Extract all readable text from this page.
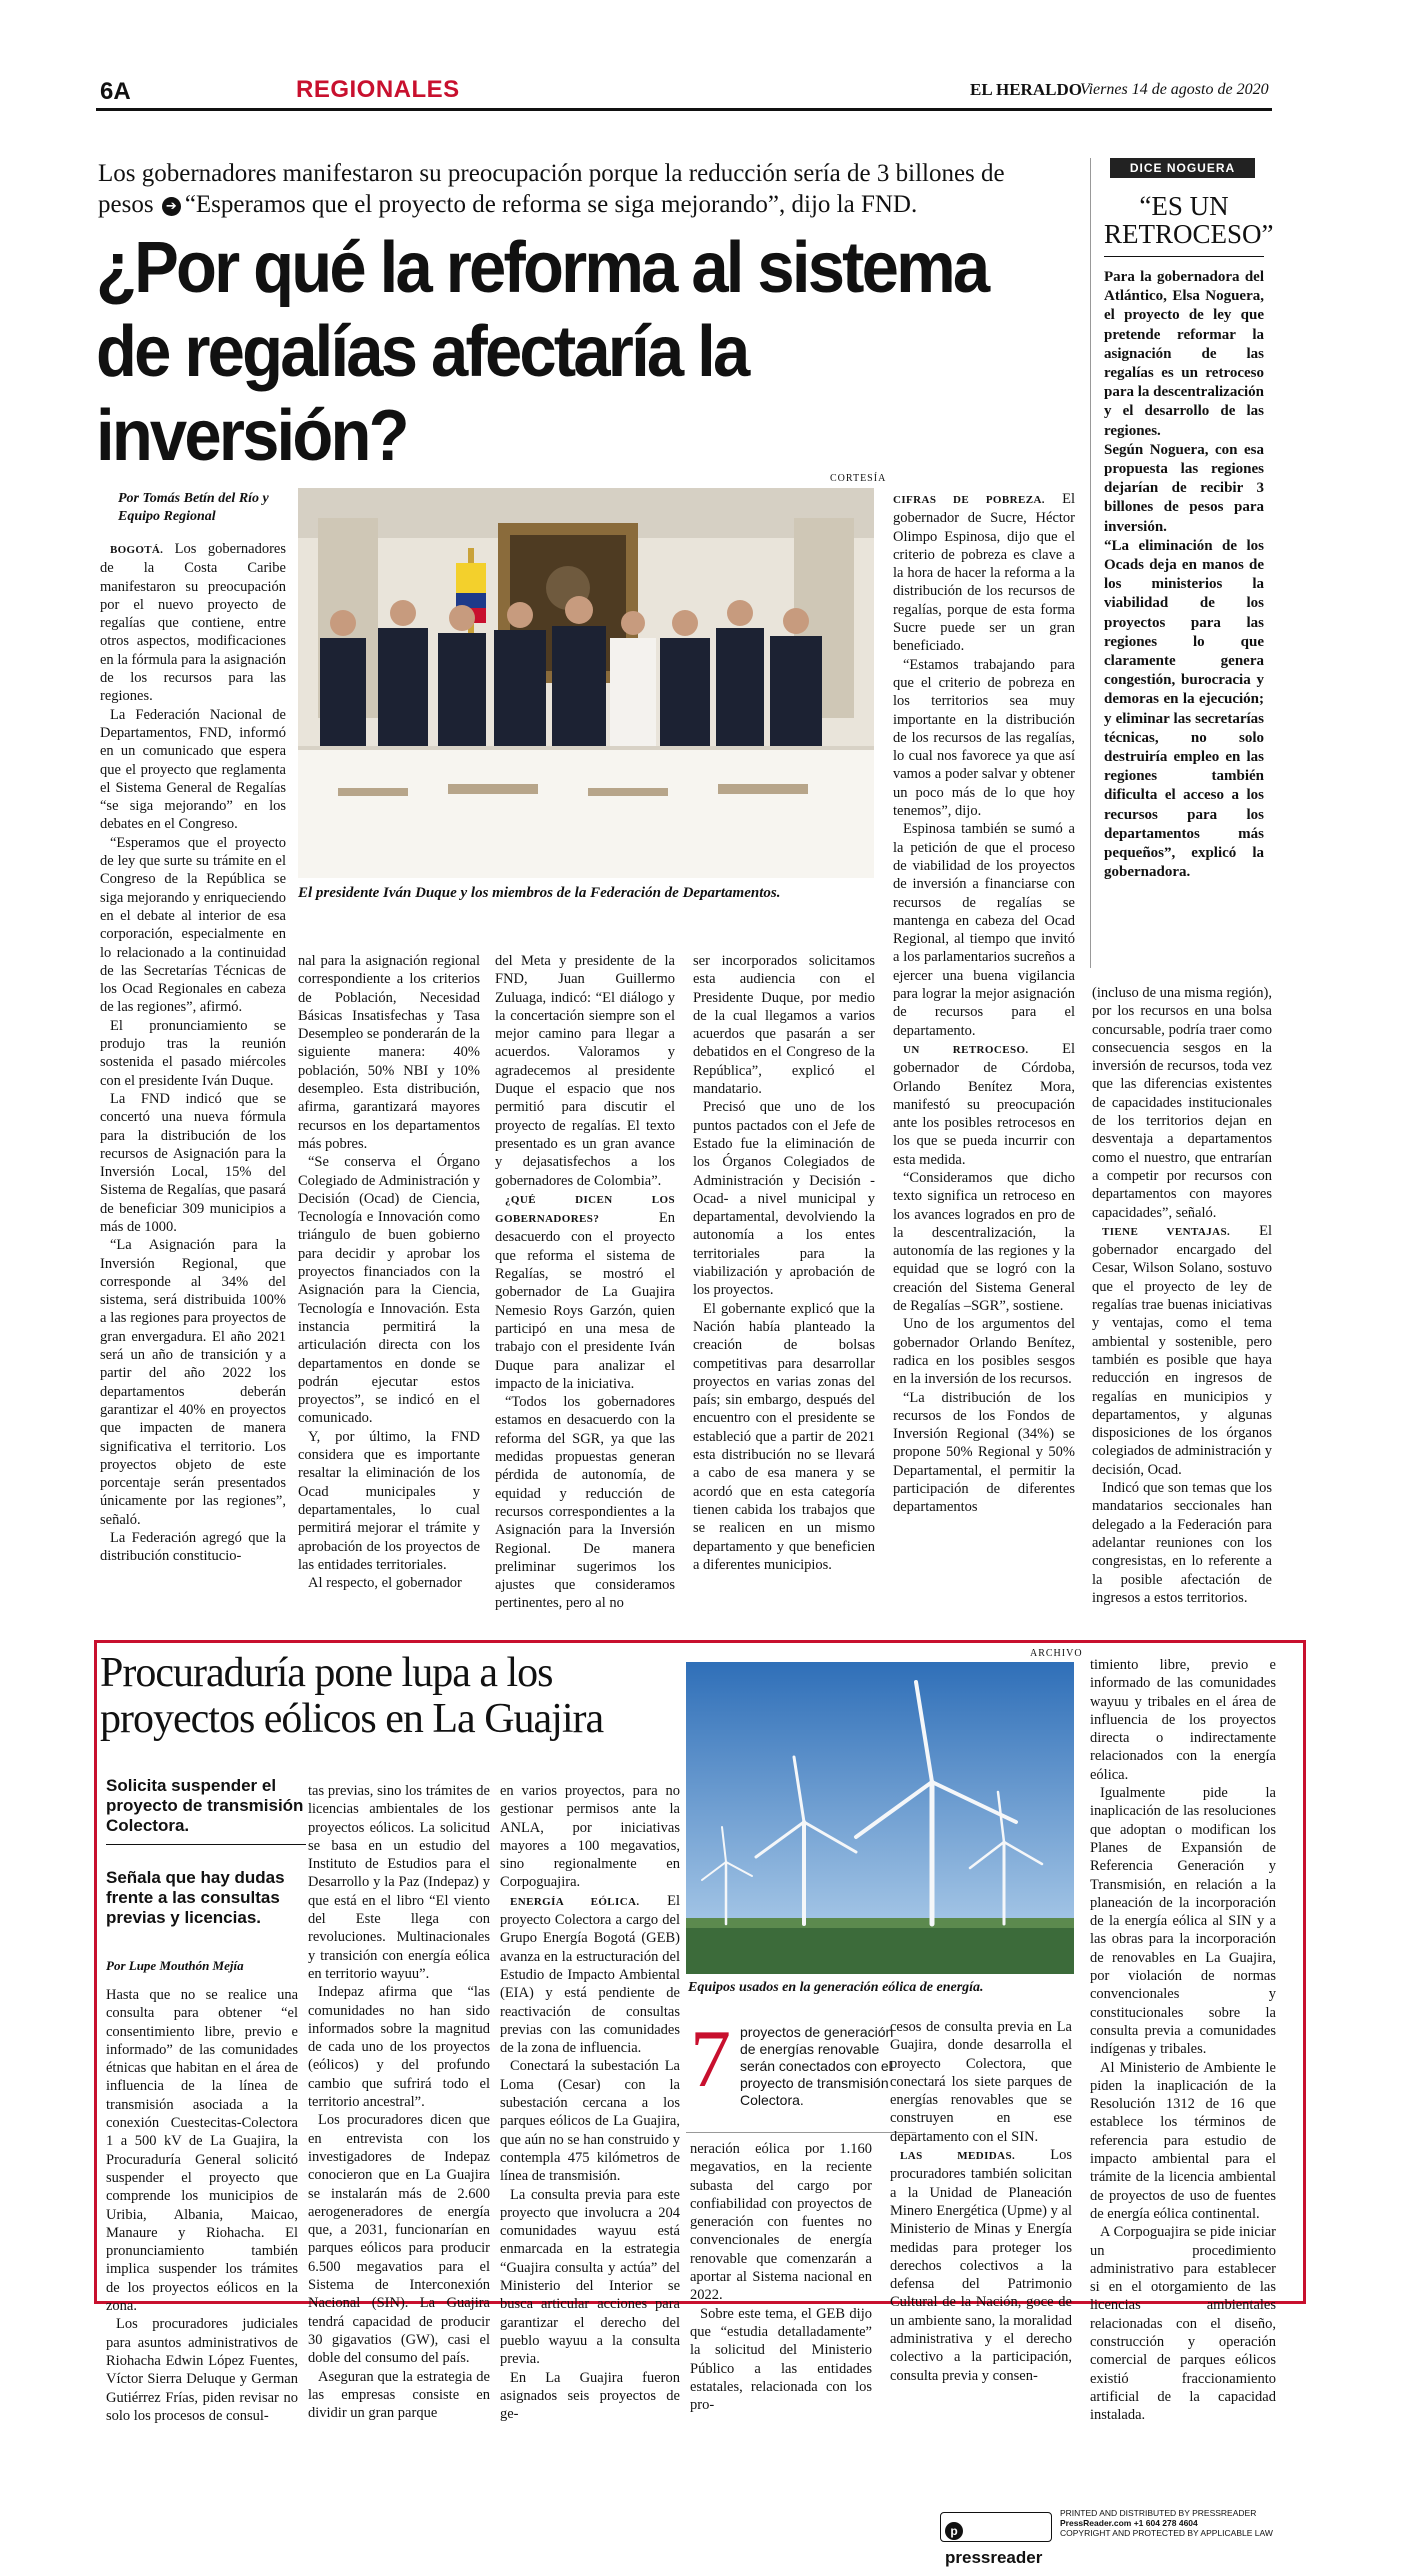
6A	REGIONALES	EL HERALDO
Viernes 14 de agosto de 2020
Los gobernadores manifestaron su preocupación porque la reducción sería de 3 billones de pesos ➔ “Esperamos que el proyecto de reforma se siga mejorando”, dijo la FND.
¿Por qué la reforma al sistema de regalías afectaría la inversión?
Por Tomás Betín del Río y Equipo Regional
CORTESÍA
El presidente Iván Duque y los miembros de la Federación de Departamentos.

BOGOTÁ. Los gobernadores de la Costa Caribe manifestaron su preocupación por el nuevo proyecto de regalías que contiene, entre otros aspectos, modificaciones en la fórmula para la asignación de los recursos para las regiones.

La Federación Nacional de Departamentos, FND, informó en un comunicado que espera que el proyecto que reglamenta el Sistema General de Regalías “se siga mejorando” en los debates en el Congreso.

“Esperamos que el proyecto de ley que surte su trámite en el Congreso de la República se siga mejorando y enriqueciendo en el debate al interior de esa corporación, especialmente en lo relacionado a la continuidad de las Secretarías Técnicas de los Ocad Regionales en cabeza de las regiones”, afirmó.

El pronunciamiento se produjo tras la reunión sostenida el pasado miércoles con el presidente Iván Duque.

La FND indicó que se concertó una nueva fórmula para la distribución de los recursos de Asignación para la Inversión Local, 15% del Sistema de Regalías, que pasará de beneficiar 309 municipios a más de 1000.

“La Asignación para la Inversión Regional, que corresponde al 34% del sistema, será distribuida 100% a las regiones para proyectos de gran envergadura. El año 2021 será un año de transición y a partir del año 2022 los departamentos deberán garantizar el 40% en proyectos que impacten de manera significativa el territorio. Los proyectos objeto de este porcentaje serán presentados únicamente por las regiones”, señaló.

La Federación agregó que la distribución constitucio-

nal para la asignación regional correspondiente a los criterios de Población, Necesidad Básicas Insatisfechas y Tasa Desempleo se ponderarán de la siguiente manera: 40% población, 50% NBI y 10% desempleo. Esta distribución, afirma, garantizará mayores recursos en los departamentos más pobres.

“Se conserva el Órgano Colegiado de Administración y Decisión (Ocad) de Ciencia, Tecnología e Innovación como triángulo de buen gobierno para decidir y aprobar los proyectos financiados con la Asignación para la Ciencia, Tecnología e Innovación. Esta instancia permitirá la articulación directa con los departamentos en donde se podrán ejecutar estos proyectos”, se indicó en el comunicado.

Y, por último, la FND considera que es importante resaltar la eliminación de los Ocad municipales y departamentales, lo cual permitirá mejorar el trámite y aprobación de los proyectos de las entidades territoriales.

Al respecto, el gobernador

del Meta y presidente de la FND, Juan Guillermo Zuluaga, indicó: “El diálogo y la concertación siempre son el mejor camino para llegar a acuerdos. Valoramos y agradecemos al presidente Duque el espacio que nos permitió para discutir el proyecto de regalías. El texto presentado es un gran avance y dejasatisfechos a los gobernadores de Colombia”.

¿QUÉ DICEN LOS GOBERNADORES? En desacuerdo con el proyecto que reforma el sistema de Regalías, se mostró el gobernador de La Guajira Nemesio Roys Garzón, quien participó en una mesa de trabajo con el presidente Iván Duque para analizar el impacto de la iniciativa.

“Todos los gobernadores estamos en desacuerdo con la reforma del SGR, ya que las medidas propuestas generan pérdida de autonomía, de equidad y reducción de recursos correspondientes a la Asignación para la Inversión Regional. De manera preliminar sugerimos los ajustes que consideramos pertinentes, pero al no

ser incorporados solicitamos esta audiencia con el Presidente Duque, por medio de la cual llegamos a varios acuerdos que pasarán a ser debatidos en el Congreso de la República”, explicó el mandatario.

Precisó que uno de los puntos pactados con el Jefe de Estado fue la eliminación de los Órganos Colegiados de Administración y Decisión - Ocad- a nivel municipal y departamental, devolviendo la autonomía a los entes territoriales para la viabilización y aprobación de los proyectos.

El gobernante explicó que la Nación había planteado la creación de bolsas competitivas para desarrollar proyectos en varias zonas del país; sin embargo, después del encuentro con el presidente se estableció que a partir de 2021 esta distribución no se llevará a cabo de esa manera y se acordó que en esta categoría tienen cabida los trabajos que se realicen en un mismo departamento y que beneficien a diferentes municipios.

CIFRAS DE POBREZA. El gobernador de Sucre, Héctor Olimpo Espinosa, dijo que el criterio de pobreza es clave a la hora de hacer la reforma a la distribución de los recursos de regalías, porque de esta forma Sucre puede ser un gran beneficiado.

“Estamos trabajando para que el criterio de pobreza en los territorios sea muy importante en la distribución de los recursos de las regalías, lo cual nos favorece ya que así vamos a poder salvar y obtener un poco más de lo que hoy tenemos”, dijo.

Espinosa también se sumó a la petición de que el proceso de viabilidad de los proyectos de inversión a financiarse con recursos de regalías se mantenga en cabeza del Ocad Regional, al tiempo que invitó a los parlamentarios sucreños a ejercer una buena vigilancia para lograr la mejor asignación de recursos para el departamento.

UN RETROCESO. El gobernador de Córdoba, Orlando Benítez Mora, manifestó su preocupación ante los posibles retrocesos en los que se pueda incurrir con esta medida.

“Consideramos que dicho texto significa un retroceso en los avances logrados en pro de la descentralización, la autonomía de las regiones y la equidad que se logró con la creación del Sistema General de Regalías –SGR”, sostiene.

Uno de los argumentos del gobernador Orlando Benítez, radica en los posibles sesgos en la inversión de los recursos.

“La distribución de los recursos de los Fondos de Inversión Regional (34%) se propone 50% Regional y 50% Departamental, el permitir la participación de diferentes departamentos

(incluso de una misma región), por los recursos en una bolsa concursable, podría traer como consecuencia sesgos en la inversión de recursos, toda vez que las diferencias existentes de capacidades institucionales de los territorios dejan en desventaja a departamentos como el nuestro, que entrarían a competir por recursos con departamentos con mayores capacidades”, señaló.

TIENE VENTAJAS. El gobernador encargado del Cesar, Wilson Solano, sostuvo que el proyecto de ley de regalías trae buenas iniciativas y ventajas, como el tema ambiental y sostenible, pero también es posible que haya reducción en ingresos de regalías en municipios y departamentos, y algunas disposiciones de los órganos colegiados de administración y decisión, Ocad.

Indicó que son temas que los mandatarios seccionales han delegado a la Federación para adelantar reuniones con los congresistas, en lo referente a la posible afectación de ingresos a estos territorios.

DICE NOGUERA
“ES UN RETROCESO”
Para la gobernadora del Atlántico, Elsa Noguera, el proyecto de ley que pretende reformar la asignación de las regalías es un retroceso para la descentralización y el desarrollo de las regiones.
Según Noguera, con esa propuesta las regiones dejarían de recibir 3 billones de pesos para inversión.
“La eliminación de los Ocads deja en manos de los ministerios la viabilidad de los proyectos para las regiones lo que claramente genera congestión, burocracia y demoras en la ejecución; y eliminar las secretarías técnicas, no solo destruiría empleo en las regiones también dificulta el acceso a los recursos para los departamentos más pequeños”, explicó la gobernadora.
Procuraduría pone lupa a los proyectos eólicos en La Guajira
Solicita suspender el proyecto de transmisión Colectora.
Señala que hay dudas frente a las consultas previas y licencias.
Por Lupe Mouthón Mejía
ARCHIVO
Equipos usados en la generación eólica de energía.
7 proyectos de generación de energías renovable serán conectados con el proyecto de transmisión Colectora.

Hasta que no se realice una consulta para obtener “el consentimiento libre, previo e informado” de las comunidades étnicas que habitan en el área de influencia de la línea de transmisión asociada a la conexión Cuestecitas-Colectora 1 a 500 kV de La Guajira, la Procuraduría General solicitó suspender el proyecto que comprende los municipios de Uribia, Albania, Maicao, Manaure y Riohacha. El pronunciamiento también implica suspender los trámites de los proyectos eólicos en la zona.

Los procuradores judiciales para asuntos administrativos de Riohacha Edwin López Fuentes, Víctor Sierra Deluque y German Gutiérrez Frías, piden revisar no solo los procesos de consul-

tas previas, sino los trámites de licencias ambientales de los proyectos eólicos. La solicitud se basa en un estudio del Instituto de Estudios para el Desarrollo y la Paz (Indepaz) y que está en el libro “El viento del Este llega con revoluciones. Multinacionales y transición con energía eólica en territorio wayuu”.

Indepaz afirma que “las comunidades no han sido informados sobre la magnitud de cada uno de los proyectos (eólicos) y del profundo cambio que sufrirá todo el territorio ancestral”.

Los procuradores dicen que en entrevista con los investigadores de Indepaz conocieron que en La Guajira se instalarán más de 2.600 aerogeneradores de energía que, a 2031, funcionarían en parques eólicos para producir 6.500 megavatios para el Sistema de Interconexión Nacional (SIN). La Guajira tendrá capacidad de producir 30 gigavatios (GW), casi el doble del consumo del país.

Aseguran que la estrategia de las empresas consiste en dividir un gran parque

en varios proyectos, para no gestionar permisos ante la ANLA, por iniciativas mayores a 100 megavatios, sino regionalmente en Corpoguajira.

ENERGÍA EÓLICA. El proyecto Colectora a cargo del Grupo Energía Bogotá (GEB) avanza en la estructuración del Estudio de Impacto Ambiental (EIA) y está pendiente de reactivación de consultas previas con las comunidades de la zona de influencia.

Conectará la subestación La Loma (Cesar) con la subestación cercana a los parques eólicos de La Guajira, que aún no se han construido y contempla 475 kilómetros de línea de transmisión.

La consulta previa para este proyecto que involucra a 204 comunidades wayuu está enmarcada en la estrategia “Guajira consulta y actúa” del Ministerio del Interior se busca articular acciones para garantizar el derecho del pueblo wayuu a la consulta previa.

En La Guajira fueron asignados seis proyectos de ge-

neración eólica por 1.160 megavatios, en la reciente subasta del cargo por confiabilidad con proyectos de generación con fuentes no convencionales de energía renovable que comenzarán a aportar al Sistema nacional en 2022.

Sobre este tema, el GEB dijo que “estudia detalladamente” la solicitud del Ministerio Público a las entidades estatales, relacionada con los pro-

cesos de consulta previa en La Guajira, donde desarrolla el proyecto Colectora, que conectará los siete parques de energías renovables que se construyen en ese departamento con el SIN.

LAS MEDIDAS. Los procuradores también solicitan a la Unidad de Planeación Minero Energética (Upme) y al Ministerio de Minas y Energía medidas para proteger los derechos colectivos a la defensa del Patrimonio Cultural de la Nación, goce de un ambiente sano, la moralidad administrativa y el derecho colectivo a la participación, consulta previa y consen-

timiento libre, previo e informado de las comunidades wayuu y tribales en el área de influencia de los proyectos directa o indirectamente relacionados con la energía eólica.

Igualmente pide la inaplicación de las resoluciones que adoptan o modifican los Planes de Expansión de Referencia Generación y Transmisión, en relación a la planeación de la incorporación de la energía eólica al SIN y a las obras para la incorporación de renovables en La Guajira, por violación de normas convencionales y constitucionales sobre la consulta previa a comunidades indígenas y tribales.

Al Ministerio de Ambiente le piden la inaplicación de la Resolución 1312 de 16 que establece los términos de referencia para estudio de impacto ambiental para el trámite de la licencia ambiental de proyectos de uso de fuentes de energía eólica continental.

A Corpoguajira se pide iniciar un procedimiento administrativo para establecer si en el otorgamiento de las licencias ambientales relacionadas con el diseño, construcción y operación comercial de parques eólicos existió fraccionamiento artificial de la capacidad instalada.

ppressreader
PRINTED AND DISTRIBUTED BY PRESSREADER
PressReader.com +1 604 278 4604
COPYRIGHT AND PROTECTED BY APPLICABLE LAW
